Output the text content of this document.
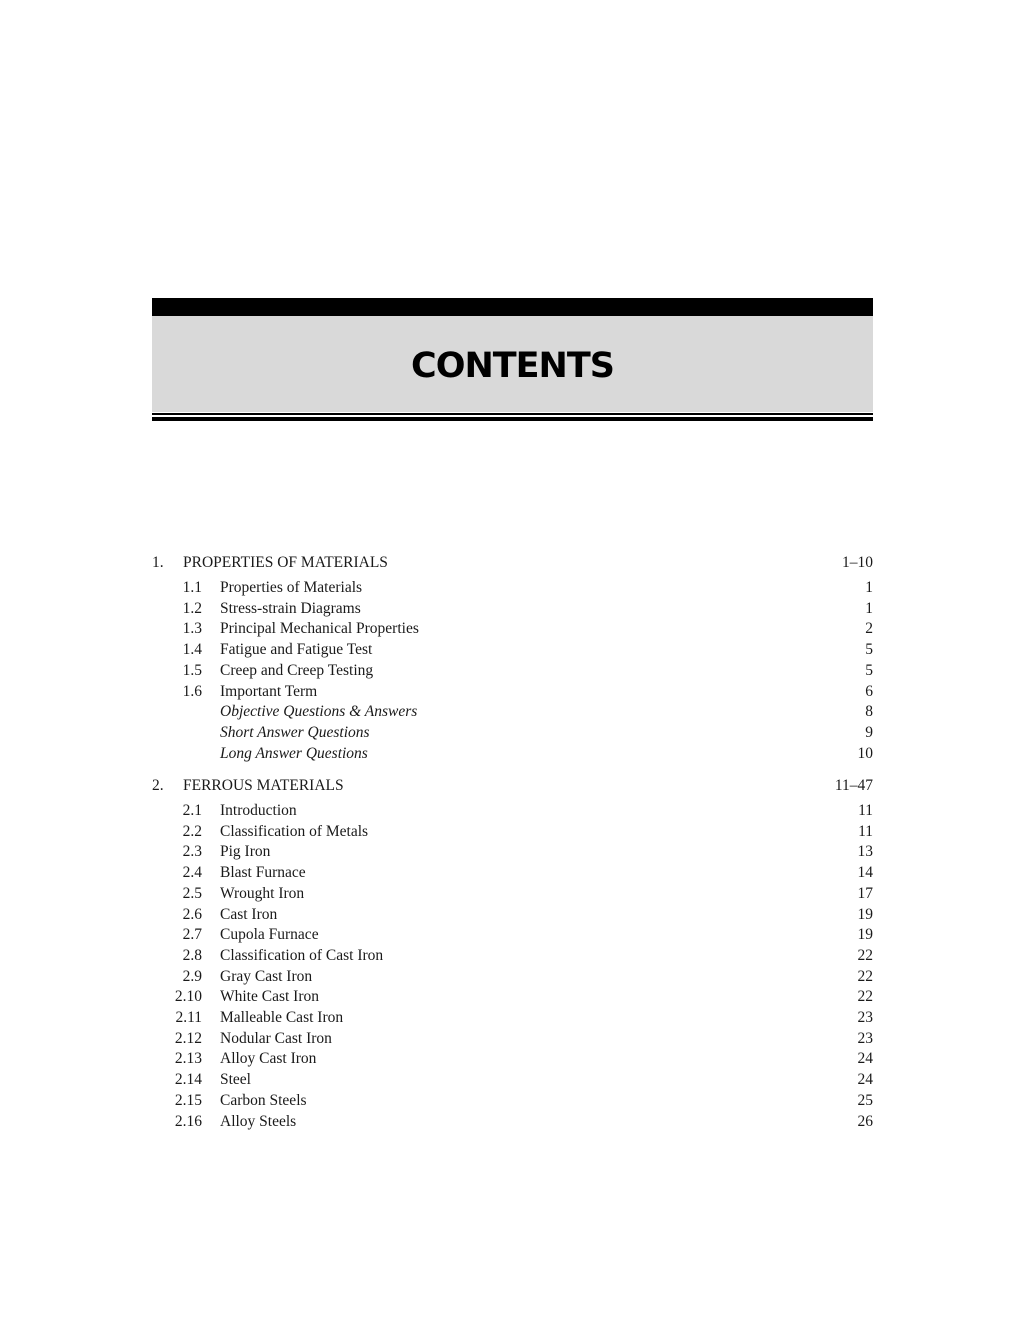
CONTENTS
1. PROPERTIES OF MATERIALS	1–10
1.1 Properties of Materials	1
1.2 Stress-strain Diagrams	1
1.3 Principal Mechanical Properties	2
1.4 Fatigue and Fatigue Test	5
1.5 Creep and Creep Testing	5
1.6 Important Term	6
Objective Questions & Answers	8
Short Answer Questions	9
Long Answer Questions	10
2. FERROUS MATERIALS	11–47
2.1 Introduction	11
2.2 Classification of Metals	11
2.3 Pig Iron	13
2.4 Blast Furnace	14
2.5 Wrought Iron	17
2.6 Cast Iron	19
2.7 Cupola Furnace	19
2.8 Classification of Cast Iron	22
2.9 Gray Cast Iron	22
2.10 White Cast Iron	22
2.11 Malleable Cast Iron	23
2.12 Nodular Cast Iron	23
2.13 Alloy Cast Iron	24
2.14 Steel	24
2.15 Carbon Steels	25
2.16 Alloy Steels	26
